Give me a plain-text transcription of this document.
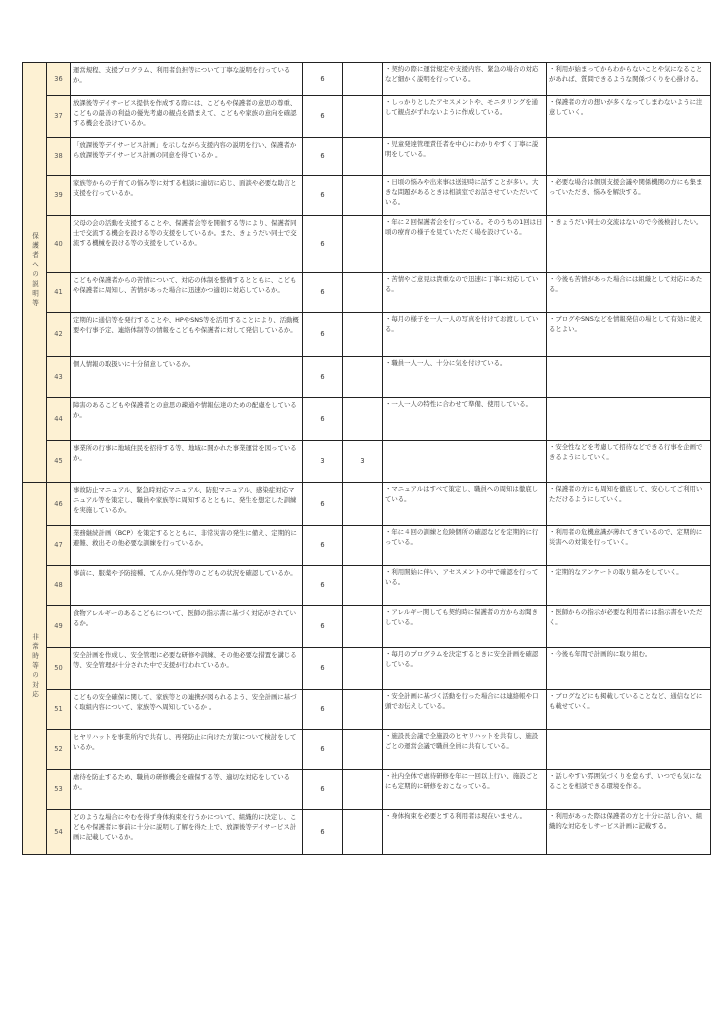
保護者への説明等	36	運営規程、支援プログラム、利用者負担等について丁寧な説明を行っているか。	6		・契約の際に運営規定や支援内容、緊急の場合の対応など細かく説明を行っている。	・利用が始まってからわからないことや気になることがあれば、質問できるような関係づくりを心掛ける。
	37	放課後等デイサービス提供を作成する際には、こどもや保護者の意思の尊重、こどもの最善の利益の優先考慮の観点を踏まえて、こどもや家族の意向を確認する機会を設けているか。	6		・しっかりとしたアセスメントや、モニタリングを通して観点がずれないように作成している。	・保護者の方の想いが多くなってしまわないように注意していく。
	38	「放課後等デイサービス計画」を示しながら支援内容の説明を行い、保護者から放課後等デイサービス計画の同意を得ているか 。	6		・児童発達管理責任者を中心にわかりやすく丁寧に説明をしている。	
	39	家族等からの子育ての悩み等に対する相談に適切に応じ、面談や必要な助言と支援を行っているか。	6		・日頃の悩みや出来事は送迎時に話すことが多い。大きな問題があるときは相談室でお話させていただいている。	・必要な場合は個別支援会議や関係機関の方にも集まっていただき、悩みを解決する。
	40	父母の会の活動を支援することや、保護者会等を開催する等により、保護者同士で交流する機会を設ける等の支援をしているか。また、きょうだい同士で交流する機械を設ける等の支援をしているか。	6		・年に２回保護者会を行っている。そのうちの1回は日頃の療育の様子を見ていただく場を設けている。	・きょうだい同士の交流はないので今後検討したい。
	41	こどもや保護者からの苦情について、対応の体制を整備するとともに、こどもや保護者に周知し、苦情があった場合に迅速かつ適切に対応しているか。	6		・苦情やご意見は貴重なので迅速に丁寧に対応している。	・今後も苦情があった場合には組織として対応にあたる。
	42	定期的に通信等を発行することや、HPやSNS等を活用することにより、活動概要や行事予定、連絡体制等の情報をこどもや保護者に対して発信しているか。	6		・毎月の様子を一人一人の写真を付けてお渡ししている。	・ブログやSNSなどを情報発信の場として有効に使えるとよい。
	43	個人情報の取扱いに十分留意しているか。	6		・職員一人一人、十分に気を付けている。	
	44	障害のあるこどもや保護者との意思の疎通や情報伝達のための配慮をしているか。	6		・一人一人の特性に合わせて準備、使用している。	
	45	事業所の行事に地域住民を招待する等、地域に開かれた事業運営を図っているか。	3	3		・安全性などを考慮して招待などできる行事を企画できるようにしていく。
非常時等の対応	46	事故防止マニュアル、緊急時対応マニュアル、防犯マニュアル、感染症対応マニュアル等を策定し、職員や家族等に周知するとともに、発生を想定した訓練を実施しているか。	6		・マニュアルはすべて策定し、職員への周知は徹底している。	・保護者の方にも周知を徹底して、安心してご利用いただけるようにしていく。
	47	業務継続計画（BCP）を策定するとともに、非常災害の発生に備え、定期的に避難、救出その他必要な訓練を行っているか。	6		・年に４回の訓練と危険個所の確認などを定期的に行っている。	・利用者の危機意識が薄れてきているので、定期的に災害への対策を行っていく。
	48	事前に、服薬や予防接種、てんかん発作等のこどもの状況を確認しているか。	6		・利用開始に伴い、アセスメントの中で確認を行っている。	・定期的なアンケートの取り組みをしていく。
	49	食物アレルギーのあるこどもについて、医師の指示書に基づく対応がされているか。	6		・アレルギー関しても契約時に保護者の方からお聞きしている。	・医師からの指示が必要な利用者には指示書をいただく。
	50	安全計画を作成し、安全管理に必要な研修や訓練、その他必要な措置を講じる等、安全管理が十分された中で支援が行われているか。	6		・毎月のプログラムを決定するときに安全計画を確認している。	・今後も年間で計画的に取り組む。
	51	こどもの安全確保に関して、家族等との連携が図られるよう、安全計画に基づく取組内容について、家族等へ周知しているか 。	6		・安全計画に基づく活動を行った場合には連絡帳や口頭でお伝えしている。	・ブログなどにも掲載していることなど、通信などにも載せていく。
	52	ヒヤリハットを事業所内で共有し、再発防止に向けた方策について検討をしているか。	6		・施設長会議で全施設のヒヤリハットを共有し、施設ごとの運営会議で職員全員に共有している。	
	53	虐待を防止するため、職員の研修機会を確保する等、適切な対応をしているか。	6		・社内全体で虐待研修を年に一回以上行い、施設ごとにも定期的に研修をおこなっている。	・話しやすい雰囲気づくりを怠らず、いつでも気になることを相談できる環境を作る。
	54	どのような場合にやむを得ず身体拘束を行うかについて、組織的に決定し、こどもや保護者に事前に十分に説明し了解を得た上で、放課後等デイサービス計画に記載しているか。	6		・身体拘束を必要とする利用者は現在いません。	・利用があった際は保護者の方と十分に話し合い、組織的な対応をしサービス計画に記載する。
